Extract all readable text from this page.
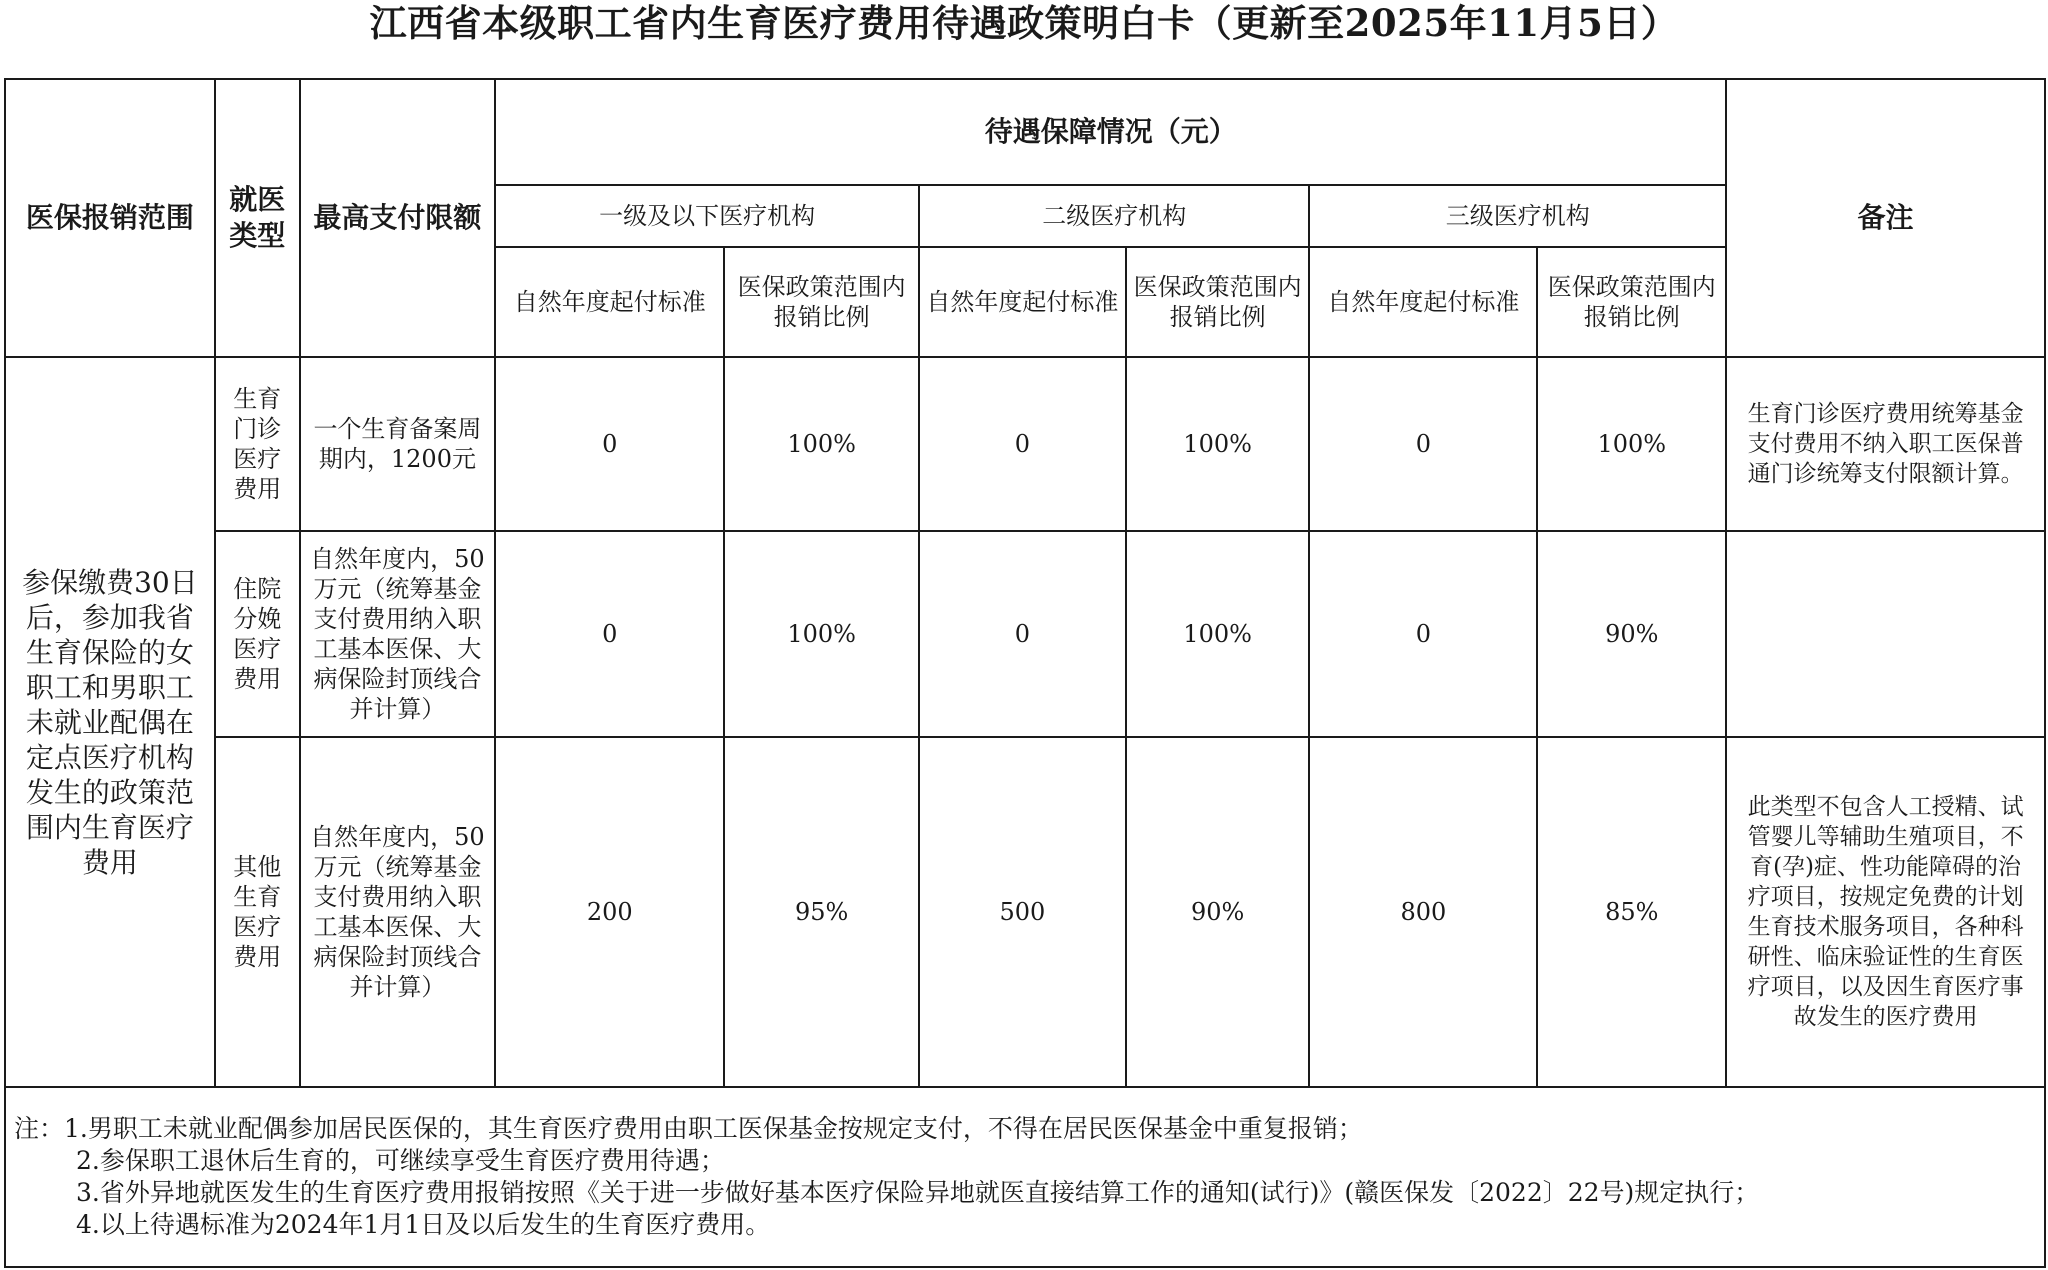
江西省本级职工省内生育医疗费用待遇政策明白卡（更新至2025年11月5日）
医保报销范围	就医类型	最高支付限额	待遇保障情况（元）						备注
			一级及以下医疗机构		二级医疗机构		三级医疗机构		
			自然年度起付标准	医保政策范围内报销比例	自然年度起付标准	医保政策范围内报销比例	自然年度起付标准	医保政策范围内报销比例	
参保缴费30日后，参加我省生育保险的女职工和男职工未就业配偶在定点医疗机构发生的政策范围内生育医疗费用	生育门诊医疗费用	一个生育备案周期内，1200元	0	100%	0	100%	0	100%	生育门诊医疗费用统筹基金支付费用不纳入职工医保普通门诊统筹支付限额计算。
	住院分娩医疗费用	自然年度内，50万元（统筹基金支付费用纳入职工基本医保、大病保险封顶线合并计算）	0	100%	0	100%	0	90%	
	其他生育医疗费用	自然年度内，50万元（统筹基金支付费用纳入职工基本医保、大病保险封顶线合并计算）	200	95%	500	90%	800	85%	此类型不包含人工授精、试管婴儿等辅助生殖项目，不育(孕)症、性功能障碍的治疗项目，按规定免费的计划生育技术服务项目，各种科研性、临床验证性的生育医疗项目，以及因生育医疗事故发生的医疗费用

注：1.男职工未就业配偶参加居民医保的，其生育医疗费用由职工医保基金按规定支付，不得在居民医保基金中重复报销；
2.参保职工退休后生育的，可继续享受生育医疗费用待遇；
3.省外异地就医发生的生育医疗费用报销按照《关于进一步做好基本医疗保险异地就医直接结算工作的通知(试行)》(赣医保发〔2022〕22号)规定执行；
4.以上待遇标准为2024年1月1日及以后发生的生育医疗费用。									
